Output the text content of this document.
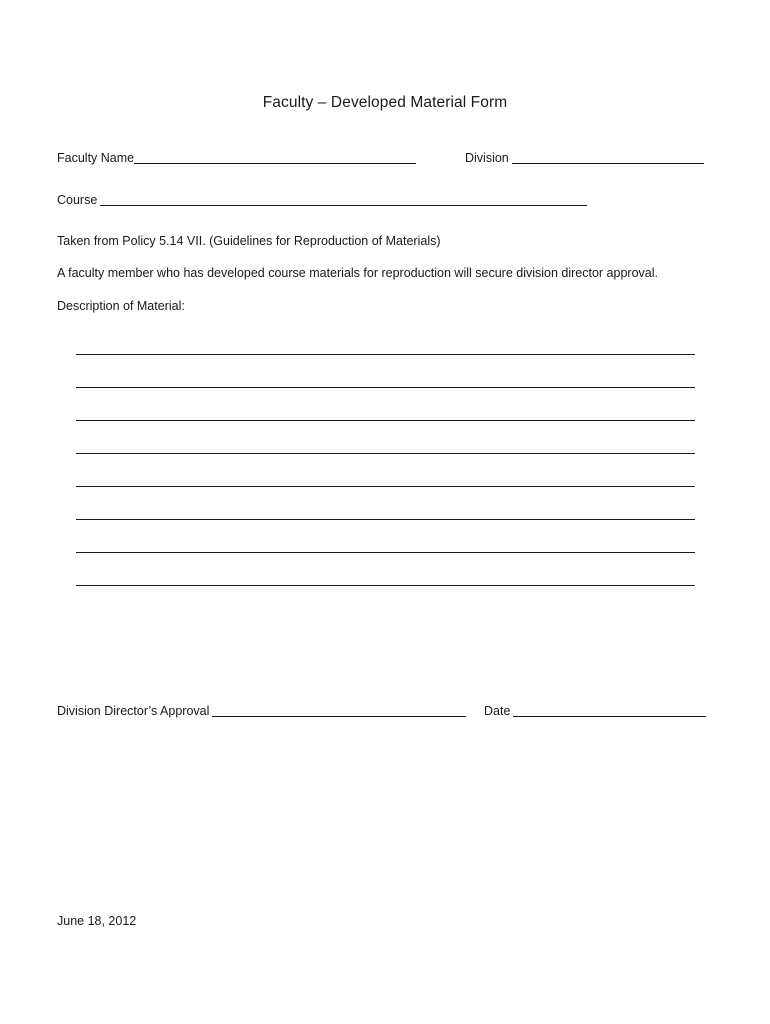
Faculty – Developed Material Form
Faculty Name	Division
Course
Taken from Policy 5.14 VII. (Guidelines for Reproduction of Materials)
A faculty member who has developed course materials for reproduction will secure division director approval.
Description of Material:
Division Director’s Approval	Date
June 18, 2012
